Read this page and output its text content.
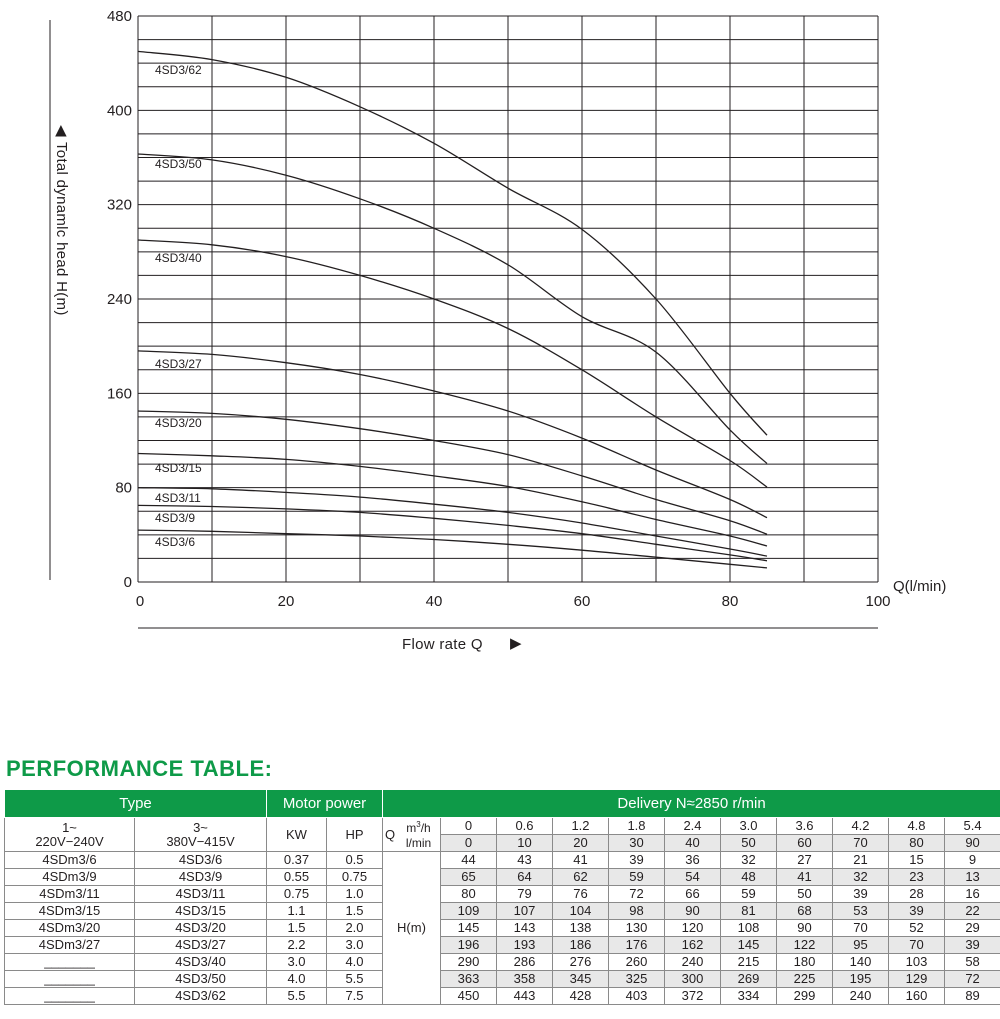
0
80
160
240
320
400
480
0	20	40	60	80	100
4SD3/62
4SD3/50
4SD3/40
4SD3/27
4SD3/20
4SD3/15
4SD3/11
4SD3/9
4SD3/6
◀
Total dynamlc head H(m)
Q(l/min)
Flow rate Q ▶
PERFORMANCE TABLE:
Type	Motor power	Delivery N≈2850 r/min

1~
220V−240V

3~
380V−415V	KW	HP	Q	$m^3/h$
l/min
	0	0.6	1.2	1.8	2.4	3.0	3.6	4.2	4.8	5.4
0	10	20	30	40	50	60	70	80	90
4SDm3/6	4SD3/6	0.37	0.5	H(m)	44	43	41	39	36	32	27	21	15	9
4SDm3/9	4SD3/9	0.55	0.75	65	64	62	59	54	48	41	32	23	13
4SDm3/11	4SD3/11	0.75	1.0	80	79	76	72	66	59	50	39	28	16
4SDm3/15	4SD3/15	1.1	1.5	109	107	104	98	90	81	68	53	39	22
4SDm3/20	4SD3/20	1.5	2.0	145	143	138	130	120	108	90	70	52	29
4SDm3/27	4SD3/27	2.2	3.0	196	193	186	176	162	145	122	95	70	39
_______	4SD3/40	3.0	4.0	290	286	276	260	240	215	180	140	103	58
_______	4SD3/50	4.0	5.5	363	358	345	325	300	269	225	195	129	72
_______	4SD3/62	5.5	7.5	450	443	428	403	372	334	299	240	160	89
